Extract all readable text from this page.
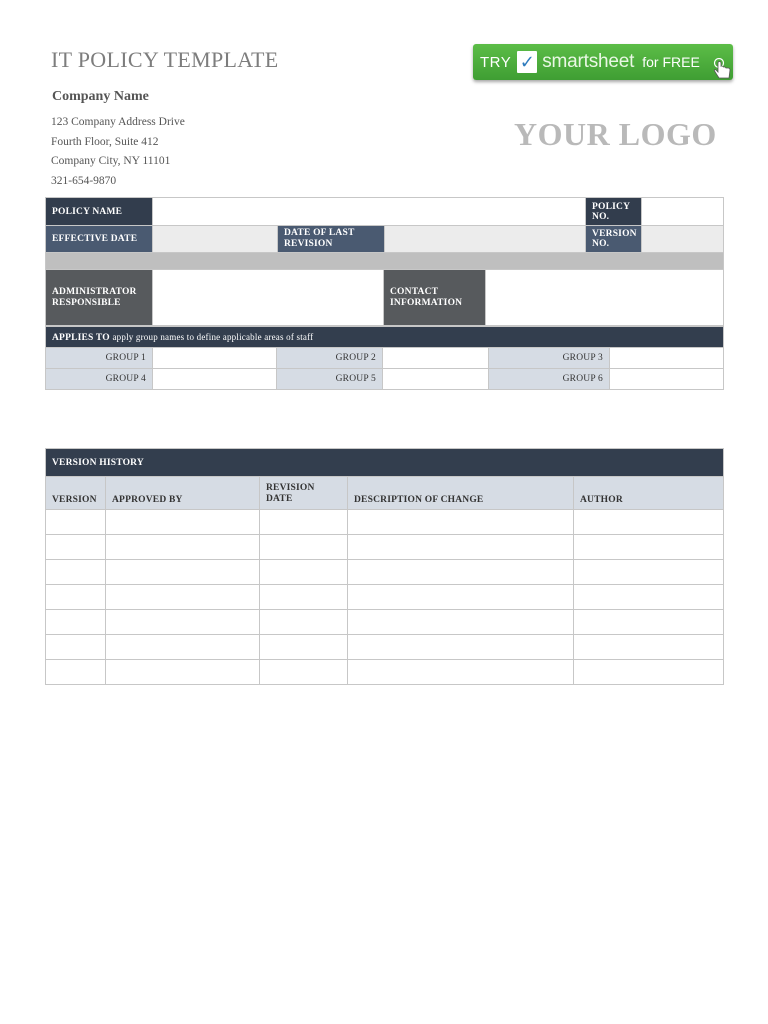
IT POLICY TEMPLATE
Company Name
123 Company Address Drive
Fourth Floor, Suite 412
Company City, NY 11101
321-654-9870
YOUR LOGO
TRY ✓ smartsheet for FREE
POLICY NAME					POLICY NO.	
EFFECTIVE DATE		DATE OF LAST REVISION			VERSION NO.	

ADMINISTRATOR RESPONSIBLE			CONTACT INFORMATION			
APPLIES TO apply group names to define applicable areas of staff					
GROUP 1		GROUP 2		GROUP 3	
GROUP 4		GROUP 5		GROUP 6	
VERSION HISTORY				
VERSION	APPROVED BY	REVISION DATE	DESCRIPTION OF CHANGE	AUTHOR
